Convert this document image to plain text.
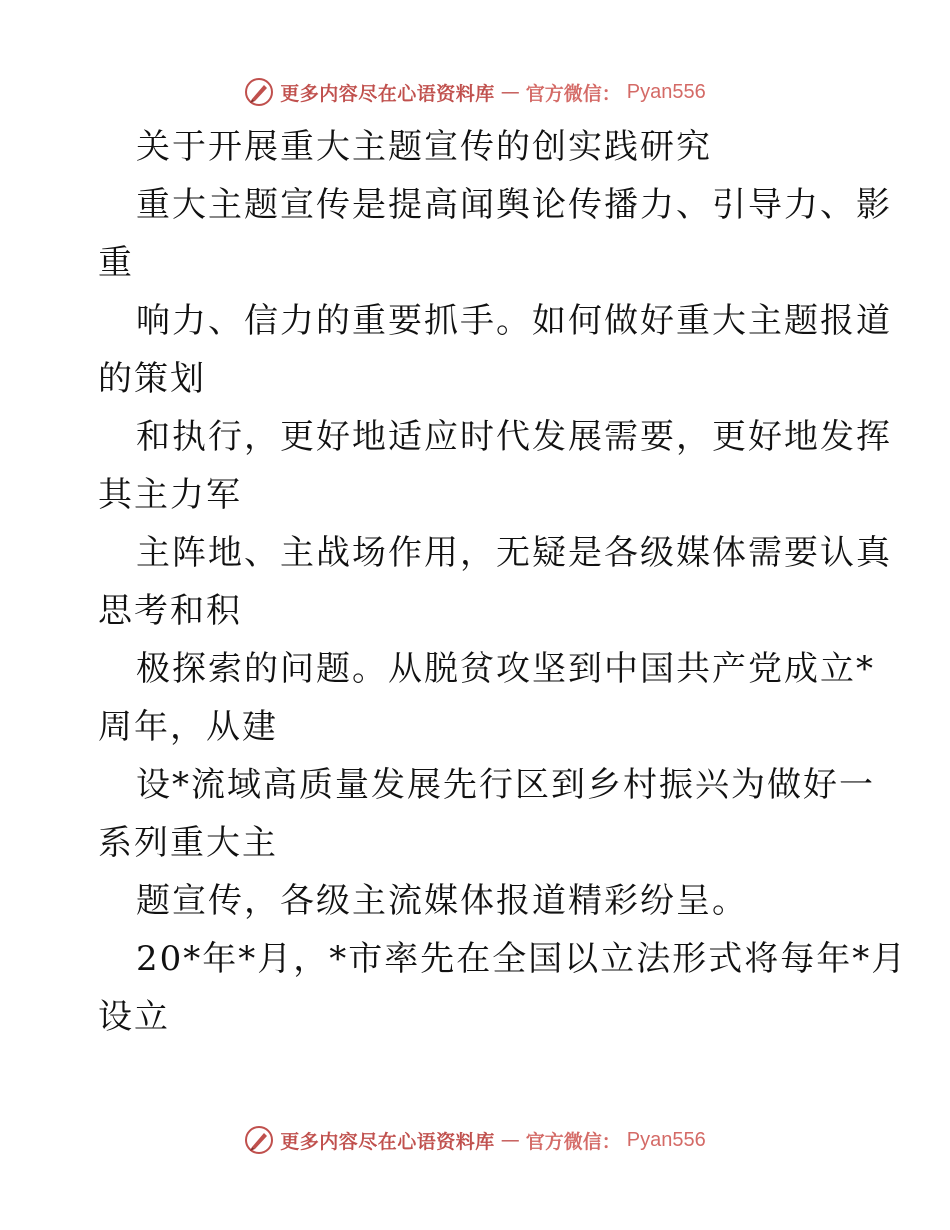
更多内容尽在心语资料库 — 官方微信： Pyan556
关于开展重大主题宣传的创实践研究
重大主题宣传是提高闻舆论传播力、引导力、影
重
响力、信力的重要抓手。如何做好重大主题报道
的策划
和执行，更好地适应时代发展需要，更好地发挥
其主力军
主阵地、主战场作用，无疑是各级媒体需要认真
思考和积
极探索的问题。从脱贫攻坚到中国共产党成立*
周年，从建
设*流域高质量发展先行区到乡村振兴为做好一
系列重大主
题宣传，各级主流媒体报道精彩纷呈。
20*年*月，*市率先在全国以立法形式将每年*月
设立
更多内容尽在心语资料库 — 官方微信： Pyan556
